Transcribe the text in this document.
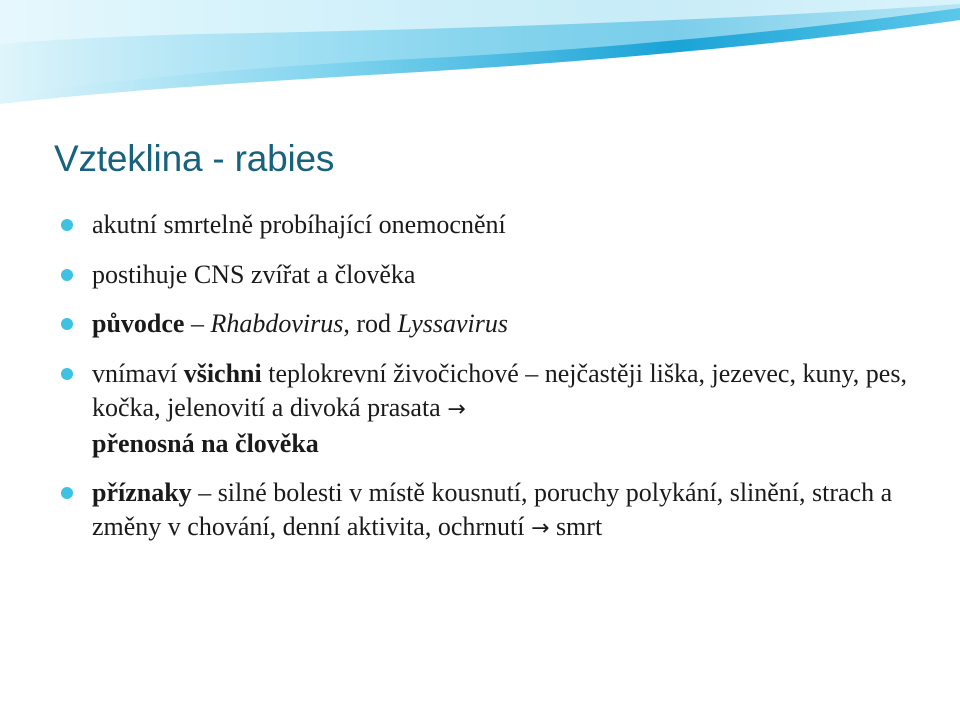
Vzteklina - rabies
akutní smrtelně probíhající onemocnění
postihuje CNS zvířat a člověka
původce – Rhabdovirus, rod Lyssavirus
vnímaví všichni teplokrevní živočichové – nejčastěji liška, jezevec, kuny, pes, kočka, jelenovití a divoká prasata →
přenosná na člověka
příznaky – silné bolesti v místě kousnutí, poruchy polykání, slinění, strach a změny v chování, denní aktivita, ochrnutí → smrt
